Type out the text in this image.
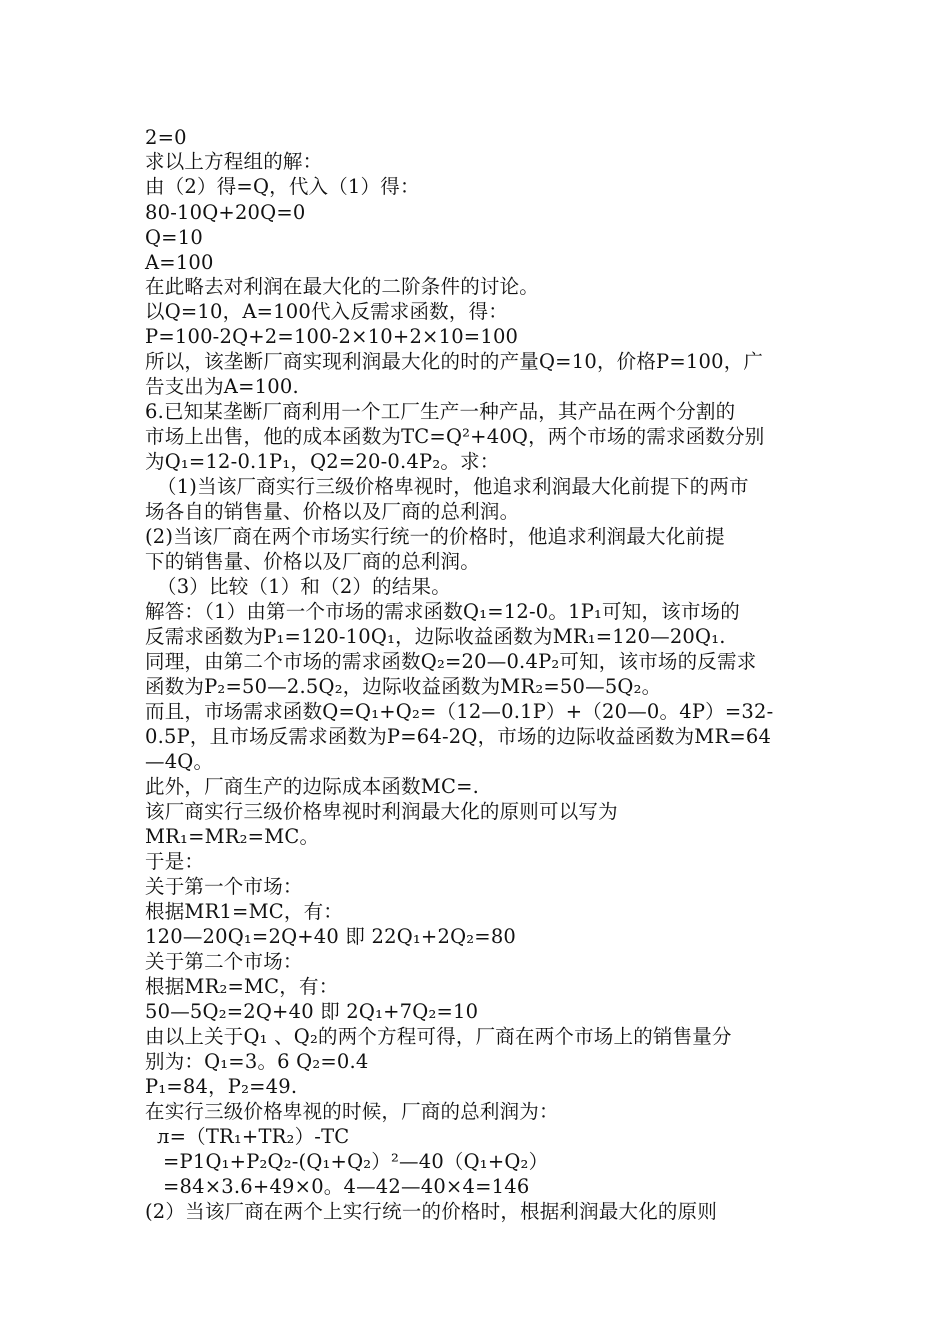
2=0
求以上方程组的解：
由（2）得=Q，代入（1）得：
80-10Q+20Q=0
Q=10
A=100
在此略去对利润在最大化的二阶条件的讨论。
以Q=10，A=100代入反需求函数，得：
P=100-2Q+2=100-2×10+2×10=100
所以，该垄断厂商实现利润最大化的时的产量Q=10，价格P=100，广
告支出为A=100.
6.已知某垄断厂商利用一个工厂生产一种产品，其产品在两个分割的
市场上出售，他的成本函数为TC=Q²+40Q，两个市场的需求函数分别
为Q₁=12-0.1P₁，Q2=20-0.4P₂。求：
（1)当该厂商实行三级价格卑视时，他追求利润最大化前提下的两市
场各自的销售量、价格以及厂商的总利润。
(2)当该厂商在两个市场实行统一的价格时，他追求利润最大化前提
下的销售量、价格以及厂商的总利润。
（3）比较（1）和（2）的结果。
解答：（1）由第一个市场的需求函数Q₁=12-0。1P₁可知，该市场的
反需求函数为P₁=120-10Q₁，边际收益函数为MR₁=120—20Q₁.
同理，由第二个市场的需求函数Q₂=20—0.4P₂可知，该市场的反需求
函数为P₂=50—2.5Q₂，边际收益函数为MR₂=50—5Q₂。
而且，市场需求函数Q=Q₁+Q₂=（12—0.1P）+（20—0。4P）=32-
0.5P，且市场反需求函数为P=64-2Q，市场的边际收益函数为MR=64
—4Q。
此外，厂商生产的边际成本函数MC=.
该厂商实行三级价格卑视时利润最大化的原则可以写为
MR₁=MR₂=MC。
于是：
关于第一个市场：
根据MR1=MC，有：
120—20Q₁=2Q+40 即 22Q₁+2Q₂=80
关于第二个市场：
根据MR₂=MC，有：
50—5Q₂=2Q+40 即 2Q₁+7Q₂=10
由以上关于Q₁ 、Q₂的两个方程可得，厂商在两个市场上的销售量分
别为：Q₁=3。6 Q₂=0.4
P₁=84，P₂=49.
在实行三级价格卑视的时候，厂商的总利润为：
л=（TR₁+TR₂）-TC
=P1Q₁+P₂Q₂-(Q₁+Q₂）²—40（Q₁+Q₂）
=84×3.6+49×0。4—42—40×4=146
(2）当该厂商在两个上实行统一的价格时，根据利润最大化的原则
